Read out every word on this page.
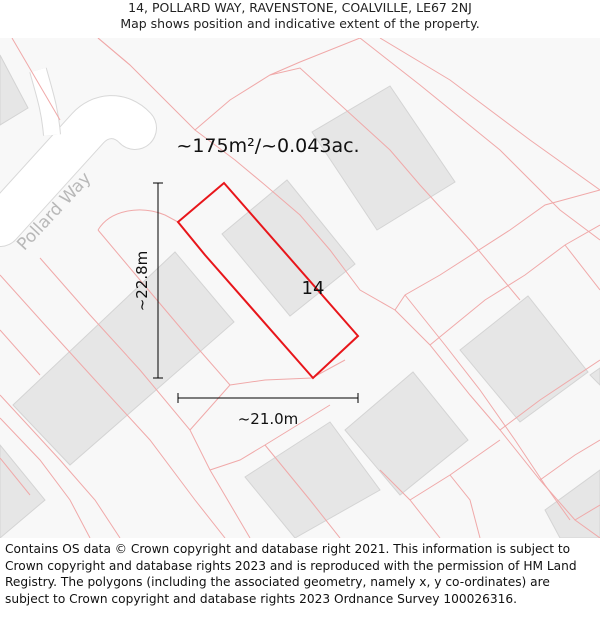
14, POLLARD WAY, RAVENSTONE, COALVILLE, LE67 2NJ
Map shows position and indicative extent of the property.
Pollard Way
~175m²/~0.043ac.
14
~22.8m
~21.0m

Contains OS data © Crown copyright and database right 2021. This information is subject to Crown copyright and database rights 2023 and is reproduced with the permission of HM Land Registry. The polygons (including the associated geometry, namely x, y co-ordinates) are subject to Crown copyright and database rights 2023 Ordnance Survey 100026316.
